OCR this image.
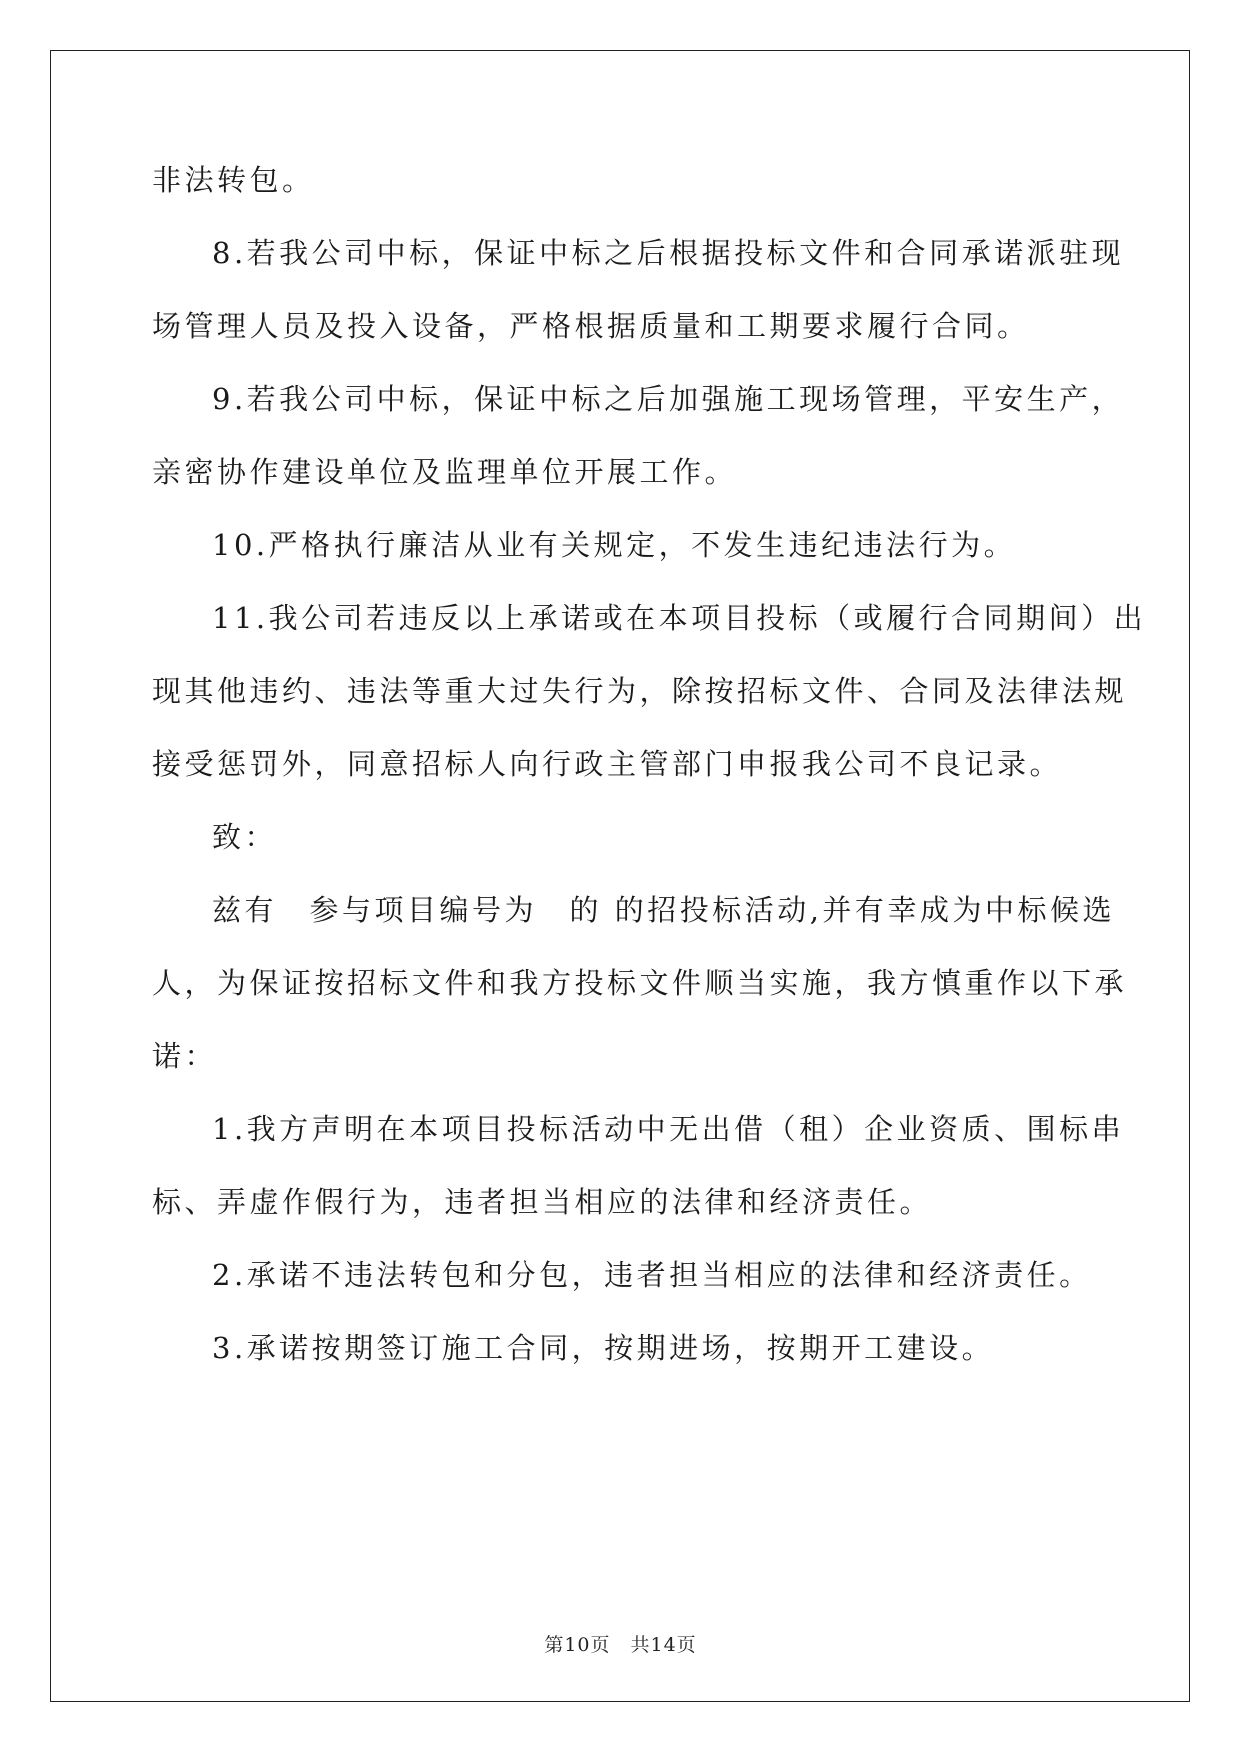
非法转包。
8.若我公司中标，保证中标之后根据投标文件和合同承诺派驻现
场管理人员及投入设备，严格根据质量和工期要求履行合同。
9.若我公司中标，保证中标之后加强施工现场管理，平安生产，
亲密协作建设单位及监理单位开展工作。
10.严格执行廉洁从业有关规定，不发生违纪违法行为。
11.我公司若违反以上承诺或在本项目投标（或履行合同期间）出
现其他违约、违法等重大过失行为，除按招标文件、合同及法律法规
接受惩罚外，同意招标人向行政主管部门申报我公司不良记录。
致：
兹有　参与项目编号为　的 的招投标活动,并有幸成为中标候选
人，为保证按招标文件和我方投标文件顺当实施，我方慎重作以下承
诺：
1.我方声明在本项目投标活动中无出借（租）企业资质、围标串
标、弄虚作假行为，违者担当相应的法律和经济责任。
2.承诺不违法转包和分包，违者担当相应的法律和经济责任。
3.承诺按期签订施工合同，按期进场，按期开工建设。
第10页　共14页
